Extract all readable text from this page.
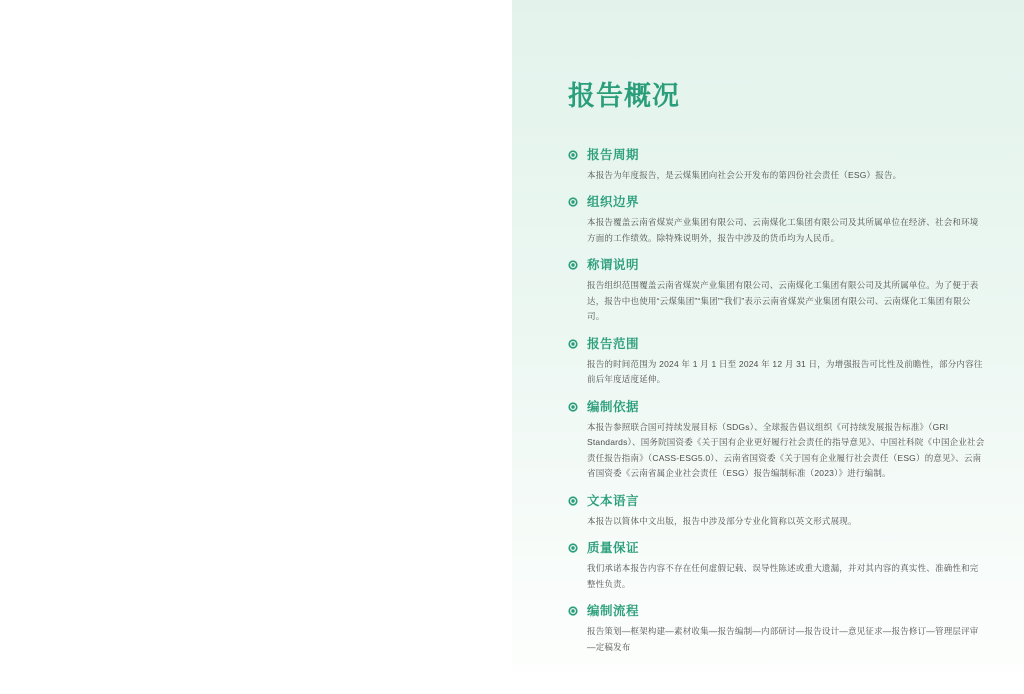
报告概况
报告周期

本报告为年度报告，是云煤集团向社会公开发布的第四份社会责任（ESG）报告。

组织边界

本报告覆盖云南省煤炭产业集团有限公司、云南煤化工集团有限公司及其所属单位在经济、社会和环境方面的工作绩效。除特殊说明外，报告中涉及的货币均为人民币。

称谓说明

报告组织范围覆盖云南省煤炭产业集团有限公司、云南煤化工集团有限公司及其所属单位。为了便于表达，报告中也使用“云煤集团”“集团”“我们”表示云南省煤炭产业集团有限公司、云南煤化工集团有限公司。

报告范围

报告的时间范围为 2024 年 1 月 1 日至 2024 年 12 月 31 日，为增强报告可比性及前瞻性，部分内容往前后年度适度延伸。

编制依据

本报告参照联合国可持续发展目标（SDGs）、全球报告倡议组织《可持续发展报告标准》（GRI Standards）、国务院国资委《关于国有企业更好履行社会责任的指导意见》、中国社科院《中国企业社会责任报告指南》（CASS-ESG5.0）、云南省国资委《关于国有企业履行社会责任（ESG）的意见》、云南省国资委《云南省属企业社会责任（ESG）报告编制标准（2023）》进行编制。

文本语言

本报告以简体中文出版，报告中涉及部分专业化简称以英文形式展现。

质量保证

我们承诺本报告内容不存在任何虚假记载、误导性陈述或重大遗漏，并对其内容的真实性、准确性和完整性负责。

编制流程

报告策划—框架构建—素材收集—报告编制—内部研讨—报告设计—意见征求—报告修订—管理层评审—定稿发布
